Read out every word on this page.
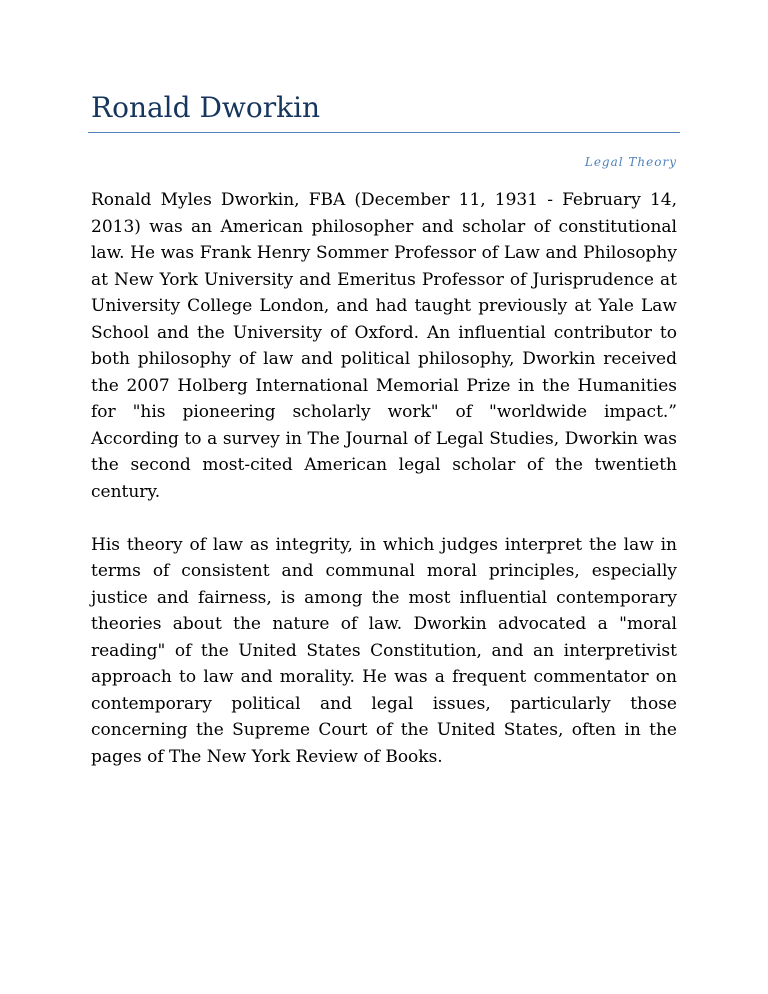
Ronald Dworkin
Legal Theory

Ronald Myles Dworkin, FBA (December 11, 1931 - February 14, 2013) was an American philosopher and scholar of constitutional law. He was Frank Henry Sommer Professor of Law and Philosophy at New York University and Emeritus Professor of Jurisprudence at University College London, and had taught previously at Yale Law School and the University of Oxford. An influential contributor to both philosophy of law and political philosophy, Dworkin received the 2007 Holberg International Memorial Prize in the Humanities for "his pioneering scholarly work" of "worldwide impact.” According to a survey in The Journal of Legal Studies, Dworkin was the second most-cited American legal scholar of the twentieth century.

His theory of law as integrity, in which judges interpret the law in terms of consistent and communal moral principles, especially justice and fairness, is among the most influential contemporary theories about the nature of law. Dworkin advocated a "moral reading" of the United States Constitution, and an interpretivist approach to law and morality. He was a frequent commentator on contemporary political and legal issues, particularly those concerning the Supreme Court of the United States, often in the pages of The New York Review of Books.
